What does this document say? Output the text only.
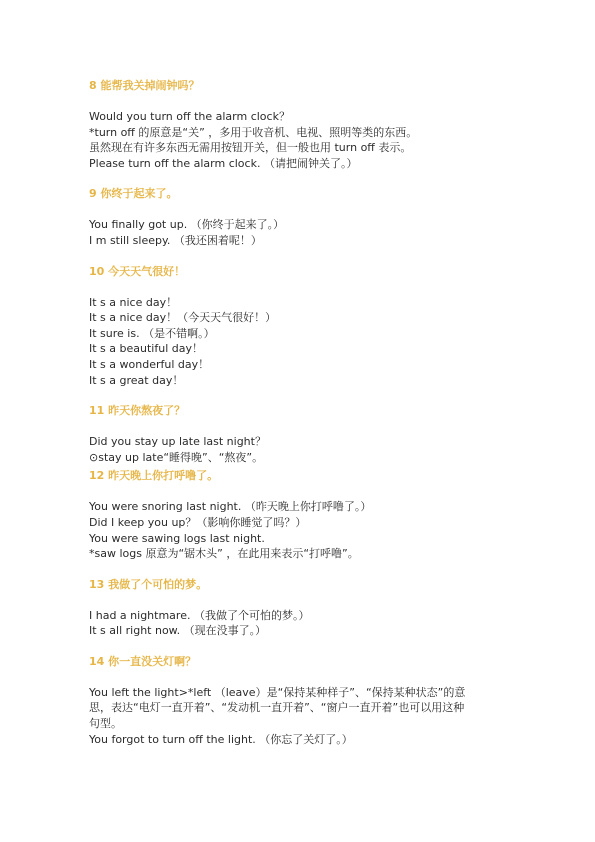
8 能帮我关掉闹钟吗？
Would you turn off the alarm clock？
*turn off 的原意是“关” ，多用于收音机、电视、照明等类的东西。
虽然现在有许多东西无需用按钮开关，但一般也用 turn off 表示。
Please turn off the alarm clock. （请把闹钟关了。）
9 你终于起来了。
You finally got up. （你终于起来了。）
I m still sleepy. （我还困着呢！）
10 今天天气很好！
It s a nice day！
It s a nice day！（今天天气很好！）
It sure is. （是不错啊。）
It s a beautiful day！
It s a wonderful day！
It s a great day！
11 昨天你熬夜了？
Did you stay up late last night？
⊙stay up late“睡得晚”、“熬夜”。
12 昨天晚上你打呼噜了。
You were snoring last night. （昨天晚上你打呼噜了。）
Did I keep you up？（影响你睡觉了吗？）
You were sawing logs last night.
*saw logs 原意为“锯木头” ，在此用来表示“打呼噜”。
13 我做了个可怕的梦。
I had a nightmare. （我做了个可怕的梦。）
It s all right now. （现在没事了。）
14 你一直没关灯啊？
You left the light>*left （leave）是“保持某种样子”、“保持某种状态”的意
思，表达“电灯一直开着”、“发动机一直开着”、“窗户一直开着”也可以用这种
句型。
You forgot to turn off the light. （你忘了关灯了。）
